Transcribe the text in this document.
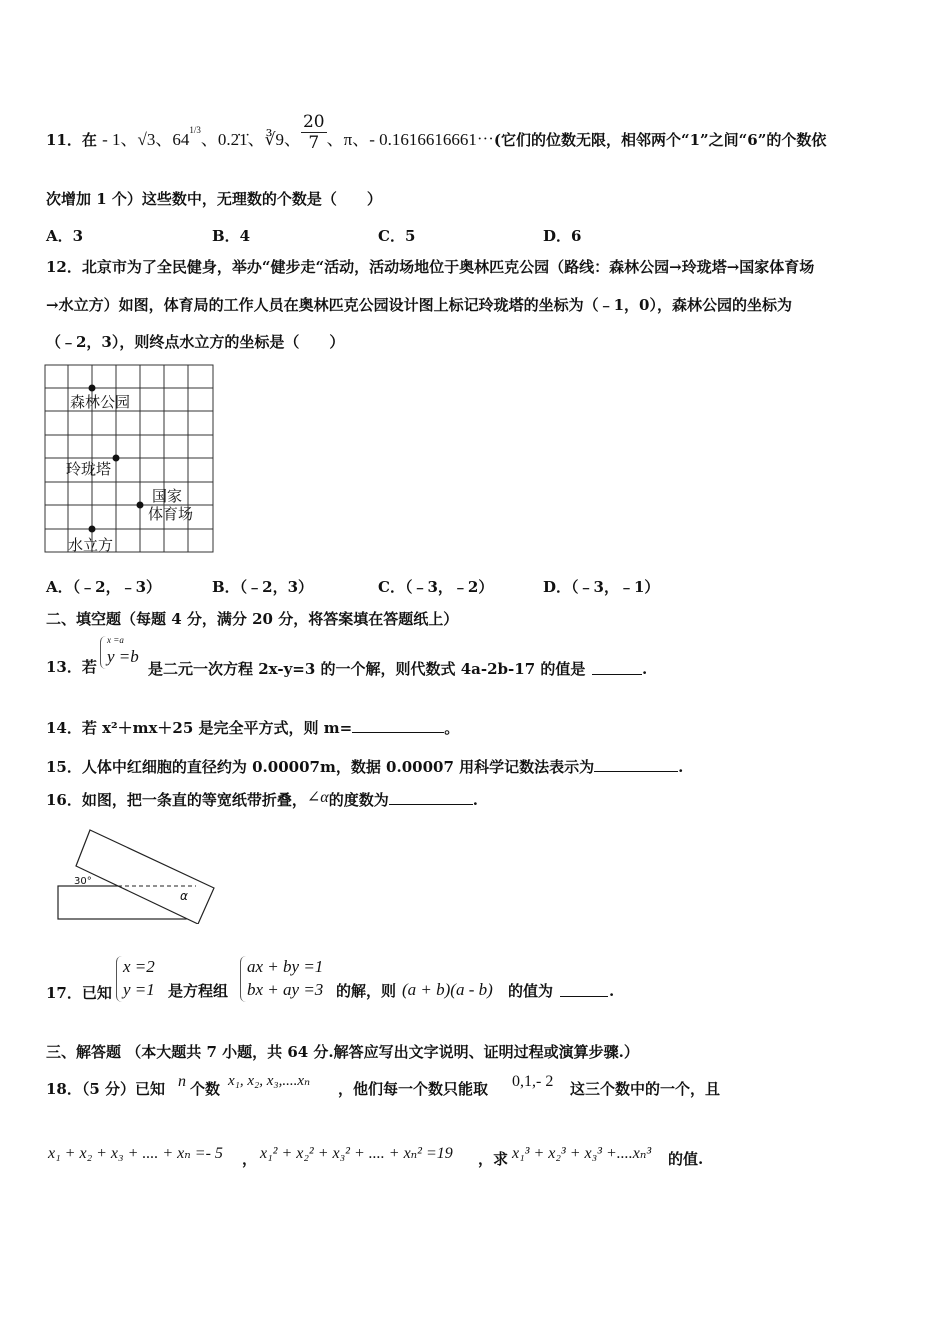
11．在 - 1、√3、$64^{1/3}$、0.2̇1̇、∛9、 $\frac{20}{7}$ 、π、- 0.1616616661⋯(它们的位数无限，相邻两个“1”之间“6”的个数依
次增加 1 个）这些数中，无理数的个数是（　　）
A．3	B．4	C．5	D．6
12．北京市为了全民健身，举办“健步走“活动，活动场地位于奥林匹克公园（路线：森林公园→玲珑塔→国家体育场
→水立方）如图，体育局的工作人员在奥林匹克公园设计图上标记玲珑塔的坐标为（﹣1，0），森林公园的坐标为
（﹣2，3），则终点水立方的坐标是（　　）
森林公园
玲珑塔
国家
体育场
水立方
A．（﹣2，﹣3）	B．（﹣2，3）	C．（﹣3，﹣2）	D．（﹣3，﹣1）
二、填空题（每题 4 分，满分 20 分，将答案填在答题纸上）
13．若
x =a
y =b
是二元一次方程 2x-y=3 的一个解，则代数式 4a-2b-17 的值是	.
14．若 x²＋mx＋25 是完全平方式，则 m=	。
15．人体中红细胞的直径约为 0.00007m，数据 0.00007 用科学记数法表示为	.
16．如图，把一条直的等宽纸带折叠，∠α的度数为	.
30°
α
17．已知
x =2
y =1 是方程组
ax + by =1
bx + ay =3 的解，则 (a + b)(a - b) 的值为	.
三、解答题 （本大题共 7 小题，共 64 分.解答应写出文字说明、证明过程或演算步骤.）
18．（5 分）已知 n 个数 x₁, x₂, x₃,....xₙ ，他们每一个数只能取 0,1,- 2 这三个数中的一个，且
x₁ + x₂ + x₃ + .... + xₙ =- 5 ， x₁² + x₂² + x₃² + .... + xₙ² =19 ，求 x₁³ + x₂³ + x₃³ +....xₙ³ 的值.
